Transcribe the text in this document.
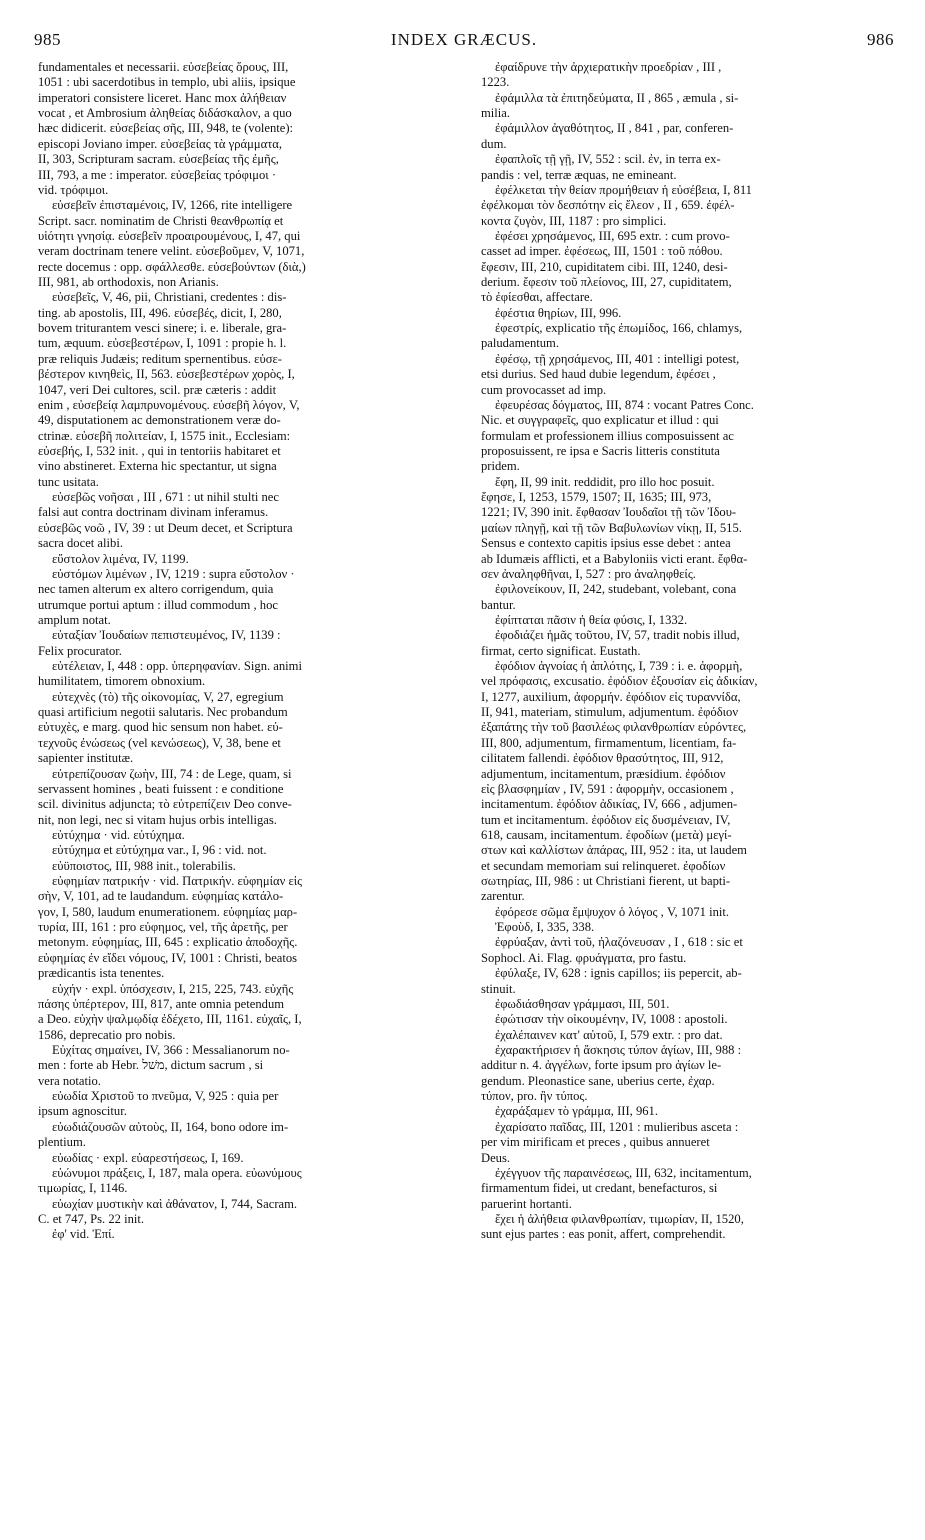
985	INDEX GRÆCUS.	986
fundamentales et necessarii. εὐσεβείας ὅρους, III,
1051 : ubi sacerdotibus in templo, ubi aliis, ipsique
imperatori consistere liceret. Hanc mox ἀλήθειαν
vocat , et Ambrosium ἀληθείας διδάσκαλον, a quo
hæc didicerit. εὐσεβείας σῆς, III, 948, te (volente):
episcopi Joviano imper. εὐσεβείας τὰ γράμματα,
II, 303, Scripturam sacram. εὐσεβείας τῆς ἐμῆς,
III, 793, a me : imperator. εὐσεβείας τρόφιμοι ·
vid. τρόφιμοι.
εὐσεβεῖν ἐπισταμένοις, IV, 1266, rite intelligere
Script. sacr. nominatim de Christi θεανθρωπίᾳ et
υἱότητι γνησίᾳ. εὐσεβεῖν προαιρουμένους, I, 47, qui
veram doctrinam tenere velint. εὐσεβοῦμεν, V, 1071,
recte docemus : opp. σφάλλεσθε. εὐσεβούντων (διὰ,)
III, 981, ab orthodoxis, non Arianis.
εὐσεβεῖς, V, 46, pii, Christiani, credentes : dis-
ting. ab apostolis, III, 496. εὐσεβές, dicit, I, 280,
bovem triturantem vesci sinere; i. e. liberale, gra-
tum, æquum. εὐσεβεστέρων, I, 1091 : propie h. l.
præ reliquis Judæis; reditum spernentibus. εὐσε-
βέστερον κινηθεὶς, II, 563. εὐσεβεστέρων χορὸς, I,
1047, veri Dei cultores, scil. præ cæteris : addit
enim , εὐσεβείᾳ λαμπρυνομένους. εὐσεβῆ λόγον, V,
49, disputationem ac demonstrationem veræ do-
ctrinæ. εὐσεβῆ πολιτείαν, I, 1575 init., Ecclesiam:
εὐσεβής, I, 532 init. , qui in tentoriis habitaret et
vino abstineret. Externa hic spectantur, ut signa
tunc usitata.
εὐσεβῶς νοῆσαι , III , 671 : ut nihil stulti nec
falsi aut contra doctrinam divinam inferamus.
εὐσεβῶς νοῶ , IV, 39 : ut Deum decet, et Scriptura
sacra docet alibi.
εὔστολον λιμένα, IV, 1199.
εὐστόμων λιμένων , IV, 1219 : supra εὔστολον ·
nec tamen alterum ex altero corrigendum, quia
utrumque portui aptum : illud commodum , hoc
amplum notat.
εὐταξίαν Ἰουδαίων πεπιστευμένος, IV, 1139 :
Felix procurator.
εὐτέλειαν, I, 448 : opp. ὑπερηφανίαν. Sign. animi
humilitatem, timorem obnoxium.
εὐτεχνὲς (τὸ) τῆς οἰκονομίας, V, 27, egregium
quasi artificium negotii salutaris. Nec probandum
εὐτυχὲς, e marg. quod hic sensum non habet. εὐ-
τεχνοῦς ἐνώσεως (vel κενώσεως), V, 38, bene et
sapienter institutæ.
εὐτρεπίζουσαν ζωὴν, III, 74 : de Lege, quam, si
servassent homines , beati fuissent : e conditione
scil. divinitus adjuncta; τὸ εὐτρεπίζειν Deo conve-
nit, non legi, nec si vitam hujus orbis intelligas.
εὐτύχημα · vid. εὐτύχημα.
εὐτύχημα et εὐτύχημα var., I, 96 : vid. not.
εὐϋποιστος, III, 988 init., tolerabilis.
εὐφημίαν πατρικήν · vid. Πατρικήν. εὐφημίαν εἰς
σὴν, V, 101, ad te laudandum. εὐφημίας κατάλο-
γον, I, 580, laudum enumerationem. εὐφημίας μαρ-
τυρία, III, 161 : pro εὐφημος, vel, τῆς ἀρετῆς, per
metonym. εὐφημίας, III, 645 : explicatio ἀποδοχῆς.
εὐφημίας ἐν εἴδει νόμους, IV, 1001 : Christi, beatos
prædicantis ista tenentes.
εὐχήν · expl. ὑπόσχεσιν, I, 215, 225, 743. εὐχῆς
πάσης ὑπέρτερον, III, 817, ante omnia petendum
a Deo. εὐχὴν ψαλμῳδίᾳ ἐδέχετο, III, 1161. εὐχαῖς, I,
1586, deprecatio pro nobis.
Εὐχίτας σημαίνει, IV, 366 : Messalianorum no-
men : forte ab Hebr. משׁל, dictum sacrum , si
vera notatio.
εὐωδία Χριστοῦ το πνεῦμα, V, 925 : quia per
ipsum agnoscitur.
εὐωδιάζουσῶν αὐτοὺς, II, 164, bono odore im-
plentium.
εὐωδίας · expl. εὐαρεστήσεως, I, 169.
εὐώνυμοι πράξεις, I, 187, mala opera. εὐωνύμους
τιμωρίας, I, 1146.
εὐωχίαν μυστικὴν καὶ ἀθάνατον, I, 744, Sacram.
C. et 747, Ps. 22 init.
ἐφ' vid. Ἐπί.
ἐφαίδρυνε τὴν ἀρχιερατικὴν προεδρίαν , III ,
1223.
ἐφάμιλλα τὰ ἐπιτηδεύματα, II , 865 , æmula , si-
milia.
ἐφάμιλλον ἀγαθότητος, II , 841 , par, conferen-
dum.
ἐφαπλοῖς τῇ γῇ, IV, 552 : scil. ἐν, in terra ex-
pandis : vel, terræ æquas, ne emineant.
ἐφέλκεται τὴν θείαν προμήθειαν ἡ εὐσέβεια, I, 811
ἐφέλκομαι τὸν δεσπότην εἰς ἔλεον , II , 659. ἐφέλ-
κοντα ζυγὸν, III, 1187 : pro simplici.
ἐφέσει χρησάμενος, III, 695 extr. : cum provo-
casset ad imper. ἐφέσεως, III, 1501 : τοῦ πόθου.
ἔφεσιν, III, 210, cupiditatem cibi. III, 1240, desi-
derium. ἔφεσιν τοῦ πλείονος, III, 27, cupiditatem,
τὸ ἐφίεσθαι, affectare.
ἐφέστια θηρίων, III, 996.
ἐφεστρίς, explicatio τῆς ἐπωμίδος, 166, chlamys,
paludamentum.
ἐφέσῳ, τῇ χρησάμενος, III, 401 : intelligi potest,
etsi durius. Sed haud dubie legendum, ἐφέσει ,
cum provocasset ad imp.
ἐφευρέσας δόγματος, III, 874 : vocant Patres Conc.
Nic. et συγγραφεῖς, quo explicatur et illud : qui
formulam et professionem illius composuissent ac
proposuissent, re ipsa e Sacris litteris constituta
pridem.
ἔφη, II, 99 init. reddidit, pro illo hoc posuit.
ἔφησε, I, 1253, 1579, 1507; II, 1635; III, 973,
1221; IV, 390 init. ἔφθασαν Ἰουδαῖοι τῇ τῶν Ἰδου-
μαίων πληγῇ, καὶ τῇ τῶν Βαβυλωνίων νίκῃ, II, 515.
Sensus e contexto capitis ipsius esse debet : antea
ab Idumæis afflicti, et a Babyloniis victi erant. ἔφθα-
σεν ἀναληφθῆναι, I, 527 : pro ἀναληφθείς.
ἐφιλονείκουν, II, 242, studebant, volebant, cona
bantur.
ἐφίπταται πᾶσιν ἡ θεία φύσις, I, 1332.
ἐφοδιάζει ἡμᾶς τοῦτου, IV, 57, tradit nobis illud,
firmat, certo significat. Eustath.
ἐφόδιον ἀγνοίας ἡ ἁπλότης, I, 739 : i. e. ἀφορμὴ,
vel πρόφασις, excusatio. ἐφόδιον ἐξουσίαν εἰς ἀδικίαν,
I, 1277, auxilium, ἀφορμήν. ἐφόδιον εἰς τυραννίδα,
II, 941, materiam, stimulum, adjumentum. ἐφόδιον
ἐξαπάτης τὴν τοῦ βασιλέως φιλανθρωπίαν εὑρόντες,
III, 800, adjumentum, firmamentum, licentiam, fa-
cilitatem fallendi. ἐφόδιον θρασύτητος, III, 912,
adjumentum, incitamentum, præsidium. ἐφόδιον
εἰς βλασφημίαν , IV, 591 : ἀφορμὴν, occasionem ,
incitamentum. ἐφόδιον ἀδικίας, IV, 666 , adjumen-
tum et incitamentum. ἐφόδιον εἰς δυσμένειαν, IV,
618, causam, incitamentum. ἐφοδίων (μετὰ) μεγί-
στων καὶ καλλίστων ἀπάρας, III, 952 : ita, ut laudem
et secundam memoriam sui relinqueret. ἐφοδίων
σωτηρίας, III, 986 : ut Christiani fierent, ut bapti-
zarentur.
ἐφόρεσε σῶμα ἔμψυχον ὁ λόγος , V, 1071 init.
Ἐφοὺδ, I, 335, 338.
ἐφρύαξαν, ἀντὶ τοῦ, ἠλαζόνευσαν , I , 618 : sic et
Sophocl. Ai. Flag. φρυάγματα, pro fastu.
ἐφύλαξε, IV, 628 : ignis capillos; iis pepercit, ab-
stinuit.
ἐφωδιάσθησαν γράμμασι, III, 501.
ἐφώτισαν τὴν οἰκουμένην, IV, 1008 : apostoli.
ἐχαλέπαινεν κατ' αὐτοῦ, I, 579 extr. : pro dat.
ἐχαρακτήρισεν ἡ ἄσκησις τύπον ἁγίων, III, 988 :
additur n. 4. ἀγγέλων, forte ipsum pro ἁγίων le-
gendum. Pleonastice sane, uberius certe, ἐχαρ.
τύπον, pro. ἢν τύπος.
ἐχαράξαμεν τὸ γράμμα, III, 961.
ἐχαρίσατο παῖδας, III, 1201 : mulieribus asceta :
per vim mirificam et preces , quibus annueret
Deus.
ἐχέγγυον τῆς παραινέσεως, III, 632, incitamentum,
firmamentum fidei, ut credant, benefacturos, si
paruerint hortanti.
ἔχει ἡ ἀλήθεια φιλανθρωπίαν, τιμωρίαν, II, 1520,
sunt ejus partes : eas ponit, affert, comprehendit.
